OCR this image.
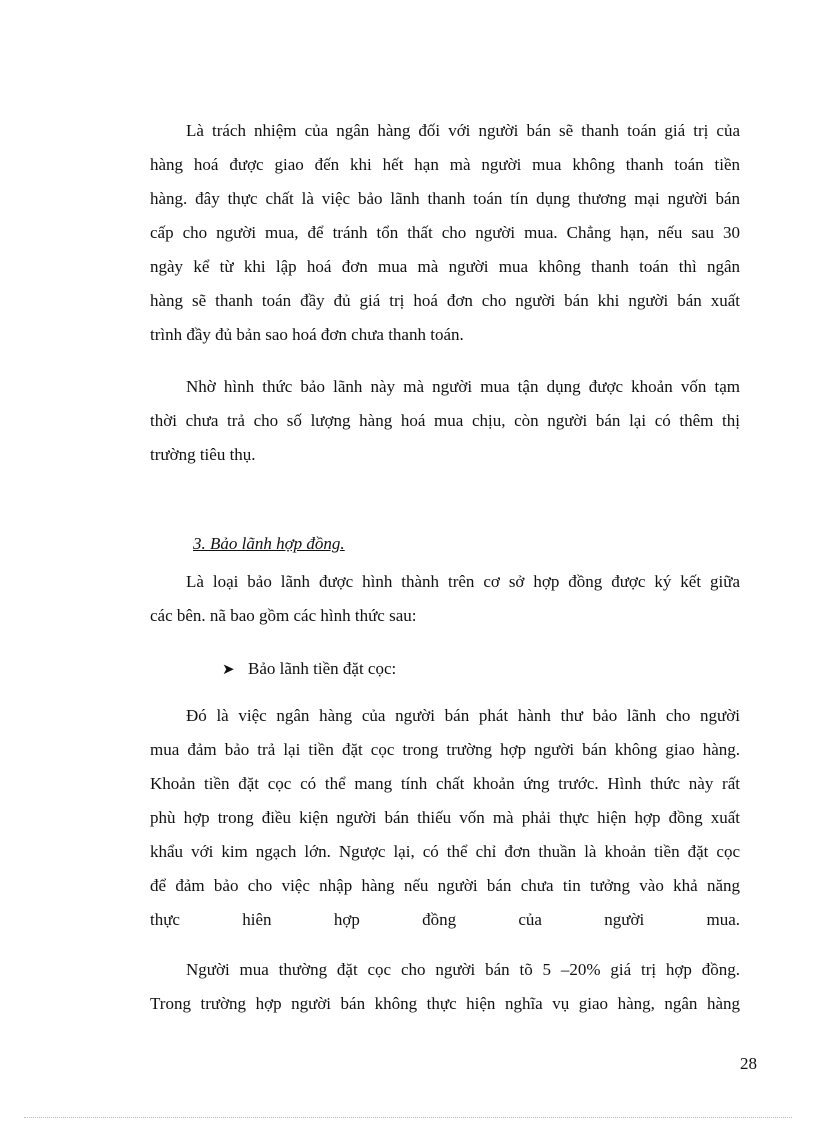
Là trách nhiệm của ngân hàng đối với người bán sẽ thanh toán giá trị của
hàng hoá được giao đến khi hết hạn mà người mua không thanh toán tiền
hàng. đây thực chất là việc bảo lãnh thanh toán tín dụng thương mại người bán
cấp cho người mua, để tránh tổn thất cho người mua. Chẳng hạn, nếu sau 30
ngày kể từ khi lập hoá đơn mua mà người mua không thanh toán thì ngân
hàng sẽ thanh toán đầy đủ giá trị hoá đơn cho người bán khi người bán xuất
trình đầy đủ bản sao hoá đơn chưa thanh toán.
Nhờ hình thức bảo lãnh này mà người mua tận dụng được khoản vốn tạm
thời chưa trả cho số lượng hàng hoá mua chịu, còn người bán lại có thêm thị
trường tiêu thụ.

3. Bảo lãnh hợp đồng.

Là loại bảo lãnh được hình thành trên cơ sở hợp đồng được ký kết giữa
các bên. nã bao gồm các hình thức sau:
➤ Bảo lãnh tiền đặt cọc:
Đó là việc ngân hàng của người bán phát hành thư bảo lãnh cho người
mua đảm bảo trả lại tiền đặt cọc trong trường hợp người bán không giao hàng.
Khoản tiền đặt cọc có thể mang tính chất khoản ứng trước. Hình thức này rất
phù hợp trong điều kiện người bán thiếu vốn mà phải thực hiện hợp đồng xuất
khẩu với kim ngạch lớn. Ngược lại, có thể chỉ đơn thuần là khoản tiền đặt cọc
để đảm bảo cho việc nhập hàng nếu người bán chưa tin tưởng vào khả năng
thực hiên hợp đồng của người mua.
Người mua thường đặt cọc cho người bán tõ 5 –20% giá trị hợp đồng.
Trong trường hợp người bán không thực hiện nghĩa vụ giao hàng, ngân hàng
28
